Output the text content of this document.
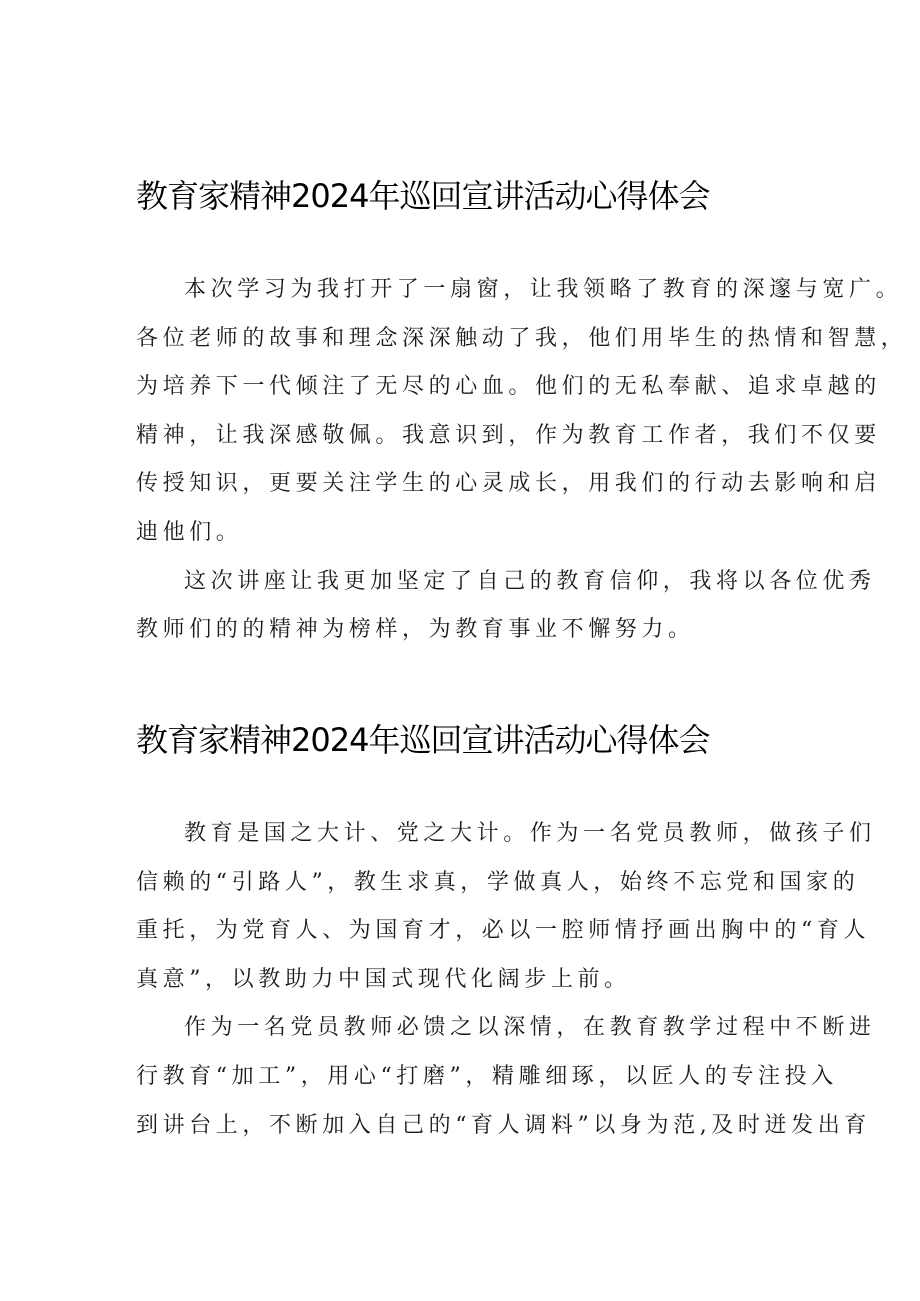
教育家精神2024年巡回宣讲活动心得体会

本次学习为我打开了一扇窗，让我领略了教育的深邃与宽广。
各位老师的故事和理念深深触动了我，他们用毕生的热情和智慧，
为培养下一代倾注了无尽的心血。他们的无私奉献、追求卓越的
精神，让我深感敬佩。我意识到，作为教育工作者，我们不仅要
传授知识，更要关注学生的心灵成长，用我们的行动去影响和启
迪他们。

这次讲座让我更加坚定了自己的教育信仰，我将以各位优秀
教师们的的精神为榜样，为教育事业不懈努力。

教育家精神2024年巡回宣讲活动心得体会

教育是国之大计、党之大计。作为一名党员教师，做孩子们
信赖的“引路人”，教生求真，学做真人，始终不忘党和国家的
重托，为党育人、为国育才，必以一腔师情抒画出胸中的“育人
真意”，以教助力中国式现代化阔步上前。

作为一名党员教师必馈之以深情，在教育教学过程中不断进
行教育“加工”，用心“打磨”，精雕细琢，以匠人的专注投入
到讲台上，不断加入自己的“育人调料”以身为范,及时迸发出育
